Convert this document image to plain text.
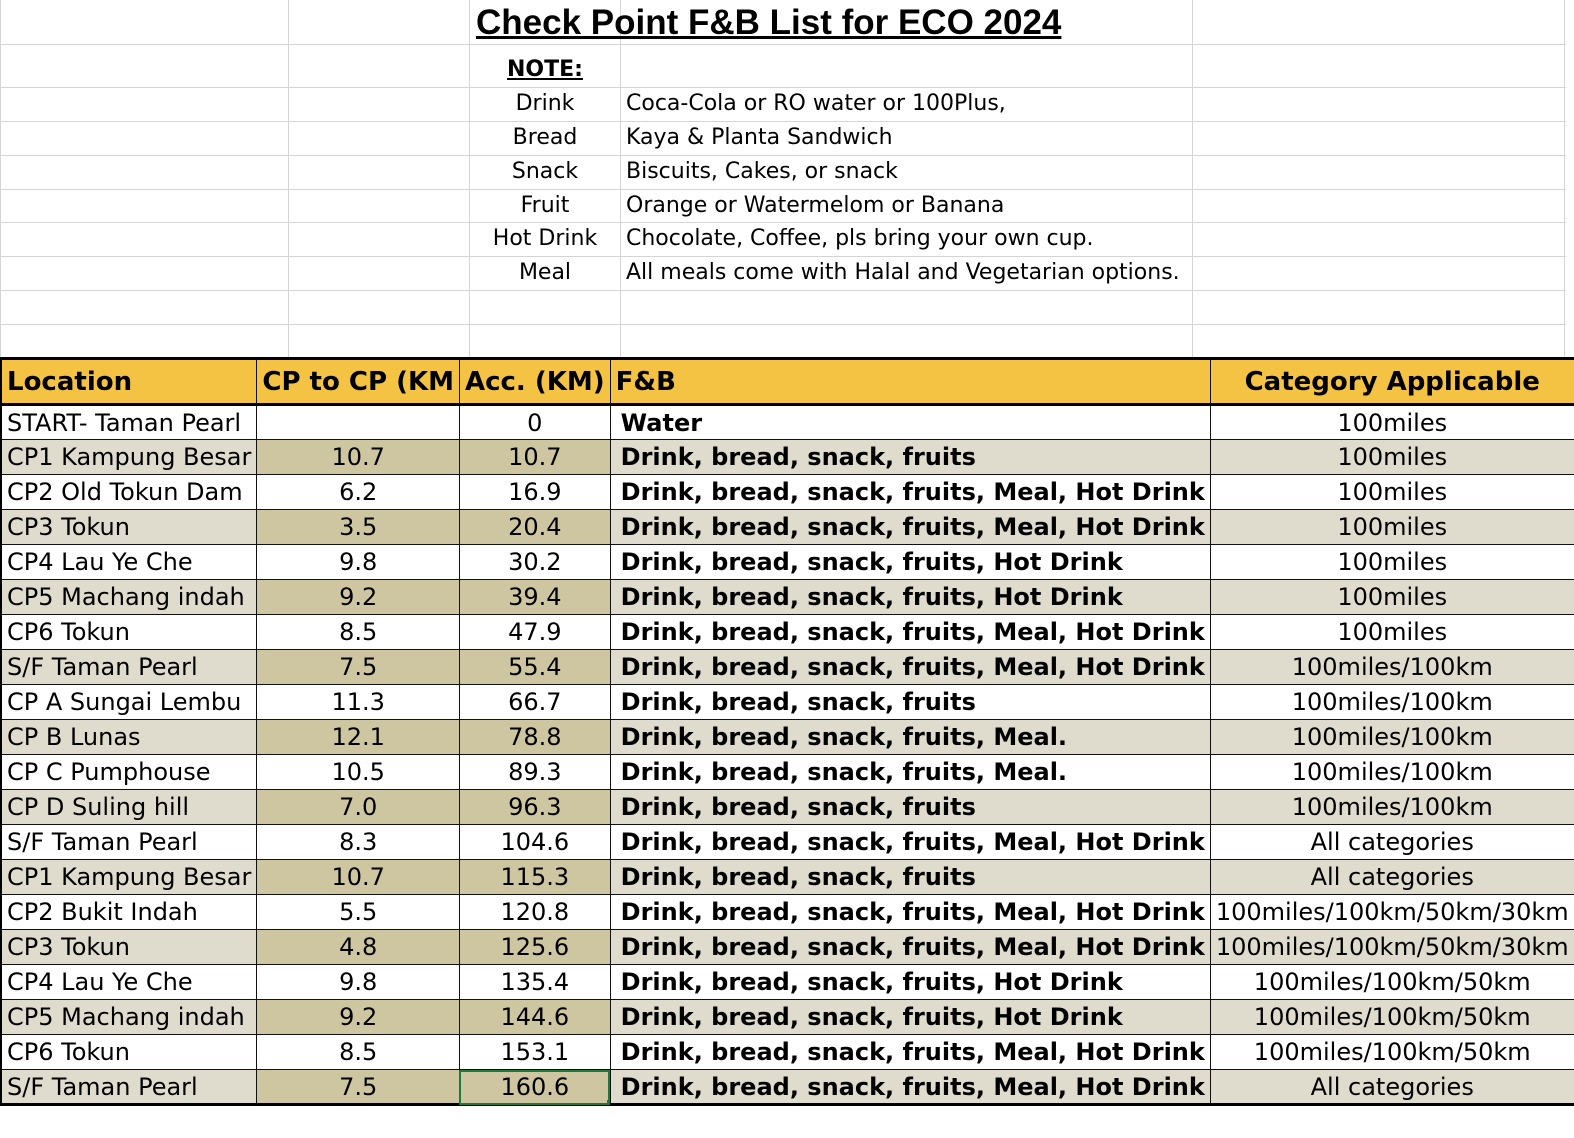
Check Point F&B List for ECO 2024
NOTE:
Drink	Coca-Cola or RO water or 100Plus,
Bread	Kaya & Planta Sandwich
Snack	Biscuits, Cakes, or snack
Fruit	Orange or Watermelom or Banana
Hot Drink	Chocolate, Coffee, pls bring your own cup.
Meal	All meals come with Halal and Vegetarian options.
Location	CP to CP (KM	Acc. (KM)	F&B	Category Applicable
START- Taman Pearl		0	Water	100miles
CP1 Kampung Besar	10.7	10.7	Drink, bread, snack, fruits	100miles
CP2 Old Tokun Dam	6.2	16.9	Drink, bread, snack, fruits, Meal, Hot Drink	100miles
CP3 Tokun	3.5	20.4	Drink, bread, snack, fruits, Meal, Hot Drink	100miles
CP4 Lau Ye Che	9.8	30.2	Drink, bread, snack, fruits, Hot Drink	100miles
CP5 Machang indah	9.2	39.4	Drink, bread, snack, fruits, Hot Drink	100miles
CP6 Tokun	8.5	47.9	Drink, bread, snack, fruits, Meal, Hot Drink	100miles
S/F Taman Pearl	7.5	55.4	Drink, bread, snack, fruits, Meal, Hot Drink	100miles/100km
CP A Sungai Lembu	11.3	66.7	Drink, bread, snack, fruits	100miles/100km
CP B Lunas	12.1	78.8	Drink, bread, snack, fruits, Meal.	100miles/100km
CP C Pumphouse	10.5	89.3	Drink, bread, snack, fruits, Meal.	100miles/100km
CP D Suling hill	7.0	96.3	Drink, bread, snack, fruits	100miles/100km
S/F Taman Pearl	8.3	104.6	Drink, bread, snack, fruits, Meal, Hot Drink	All categories
CP1 Kampung Besar	10.7	115.3	Drink, bread, snack, fruits	All categories
CP2 Bukit Indah	5.5	120.8	Drink, bread, snack, fruits, Meal, Hot Drink	100miles/100km/50km/30km
CP3 Tokun	4.8	125.6	Drink, bread, snack, fruits, Meal, Hot Drink	100miles/100km/50km/30km
CP4 Lau Ye Che	9.8	135.4	Drink, bread, snack, fruits, Hot Drink	100miles/100km/50km
CP5 Machang indah	9.2	144.6	Drink, bread, snack, fruits, Hot Drink	100miles/100km/50km
CP6 Tokun	8.5	153.1	Drink, bread, snack, fruits, Meal, Hot Drink	100miles/100km/50km
S/F Taman Pearl	7.5	160.6	Drink, bread, snack, fruits, Meal, Hot Drink	All categories
